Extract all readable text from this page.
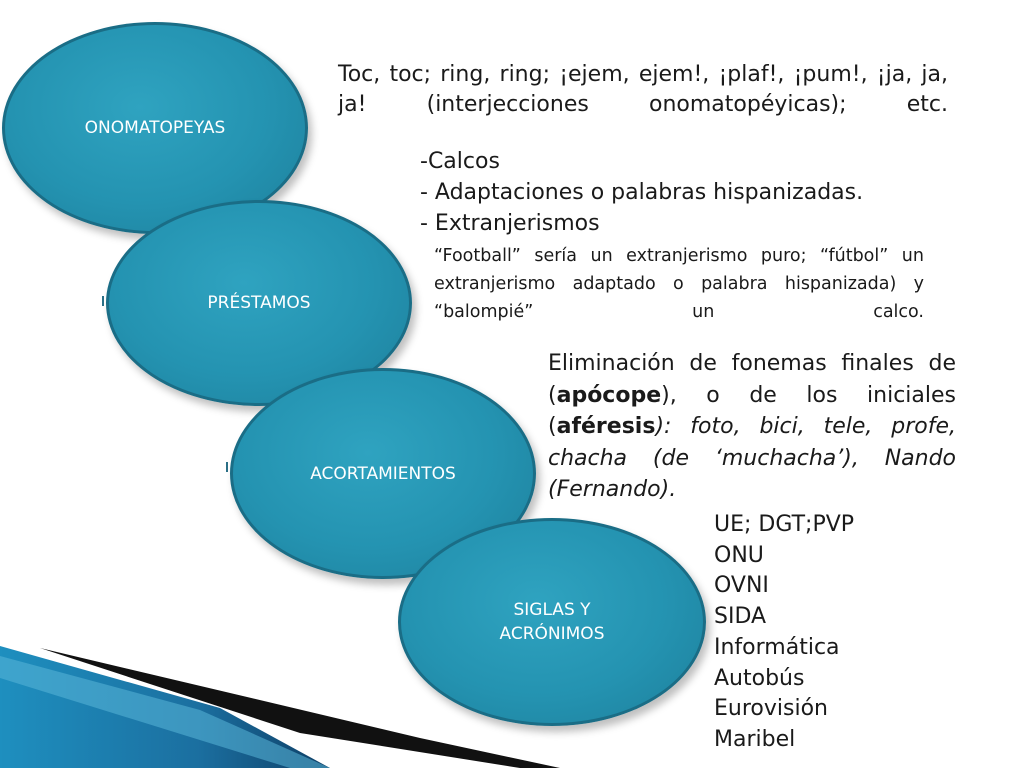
ONOMATOPEYAS
PRÉSTAMOS
ACORTAMIENTOS
SIGLAS Y
ACRÓNIMOS
Toc, toc; ring, ring; ¡ejem, ejem!, ¡plaf!, ¡pum!, ¡ja, ja, ja! (interjecciones onomatopéyicas); etc.
-Calcos
- Adaptaciones o palabras hispanizadas.
- Extranjerismos
“Football” sería un extranjerismo puro; “fútbol” un extranjerismo adaptado o palabra hispanizada) y “balompié” un calco.
Eliminación de fonemas finales de (apócope), o de los iniciales (aféresis): foto, bici, tele, profe, chacha (de ‘muchacha’), Nando (Fernando).
UE; DGT;PVP
ONU
OVNI
SIDA
Informática
Autobús
Eurovisión
Maribel
